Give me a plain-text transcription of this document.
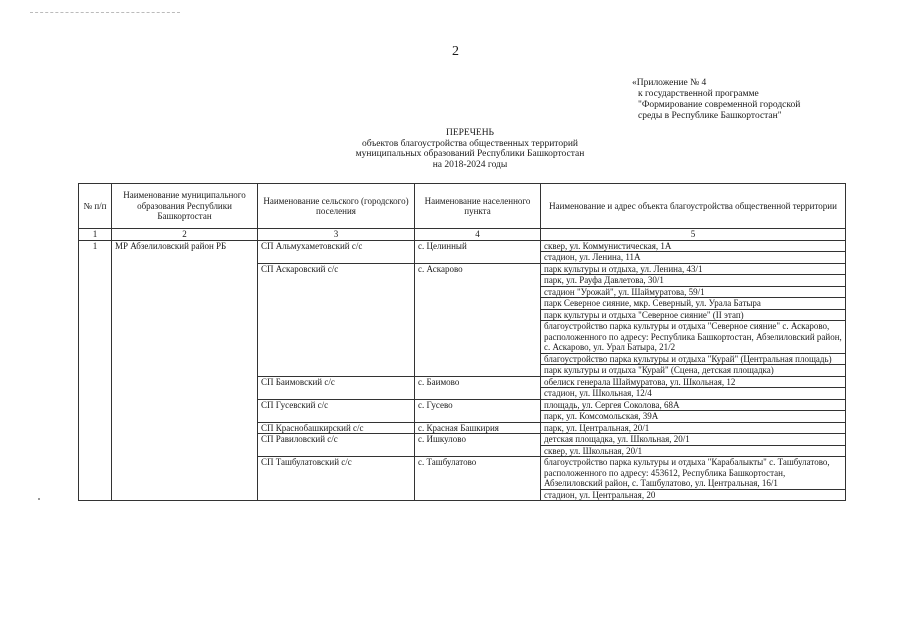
2
«Приложение № 4
к государственной программе
"Формирование современной городской
среды в Республике Башкортостан"
ПЕРЕЧЕНЬ
объектов благоустройства общественных территорий
муниципальных образований Республики Башкортостан
на 2018-2024 годы
№ п/п	Наименование муниципального образования Республики Башкортостан	Наименование сельского (городского) поселения	Наименование населенного пункта	Наименование и адрес объекта благоустройства общественной территории
1	2	3	4	5
1	МР Абзелиловский район РБ	СП Альмухаметовский с/с	с. Целинный	сквер, ул. Коммунистическая, 1А
				стадион, ул. Ленина, 11А
		СП Аскаровский с/с	с. Аскарово	парк культуры и отдыха, ул. Ленина, 43/1
				парк, ул. Рауфа Давлетова, 30/1
				стадион "Урожай", ул. Шаймуратова, 59/1
				парк Северное сияние, мкр. Северный, ул. Урала Батыра
				парк культуры и отдыха "Северное сияние" (II этап)
				благоустройство парка культуры и отдыха "Северное сияние" с. Аскарово, расположенного по адресу: Республика Башкортостан, Абзелиловский район, с. Аскарово, ул. Урал Батыра, 21/2
				благоустройство парка культуры и отдыха "Курай" (Центральная площадь)
				парк культуры и отдыха "Курай" (Сцена, детская площадка)
		СП Баимовский с/с	с. Баимово	обелиск генерала Шаймуратова, ул. Школьная, 12
				стадион, ул. Школьная, 12/4
		СП Гусевский с/с	с. Гусево	площадь, ул. Сергея Соколова, 68А
				парк, ул. Комсомольская, 39А
		СП Краснобашкирский с/с	с. Красная Башкирия	парк, ул. Центральная, 20/1
		СП Равиловский с/с	с. Ишкулово	детская площадка, ул. Школьная, 20/1
				сквер, ул. Школьная, 20/1
		СП Ташбулатовский с/с	с. Ташбулатово	благоустройство парка культуры и отдыха "Карабалыкты" с. Ташбулатово, расположенного по адресу: 453612, Республика Башкортостан, Абзелиловский район, с. Ташбулатово, ул. Центральная, 16/1
				стадион, ул. Центральная, 20
